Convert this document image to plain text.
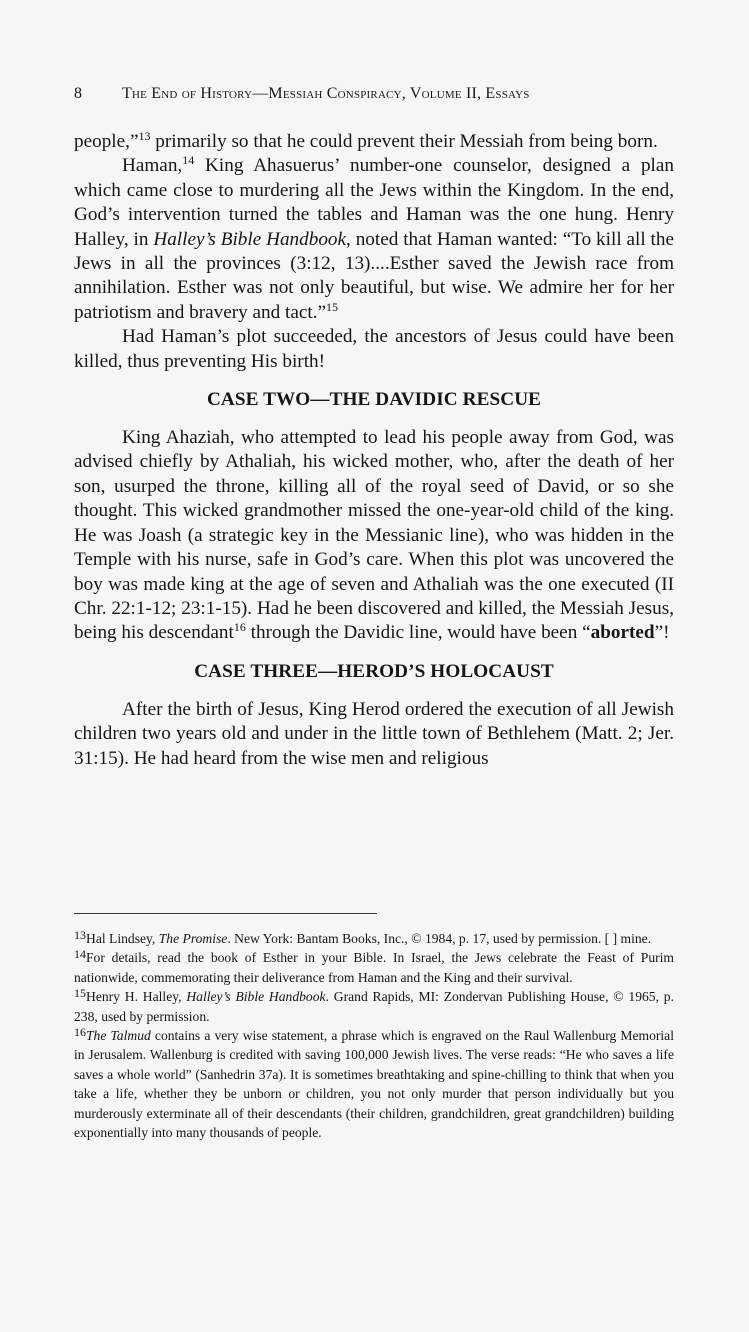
8 The End of History—Messiah Conspiracy, Volume II, Essays

people,”$^{13}$ primarily so that he could prevent their Messiah from being born.

Haman,$^{14}$ King Ahasuerus’ number-one counselor, designed a plan which came close to murdering all the Jews within the Kingdom. In the end, God’s intervention turned the tables and Haman was the one hung. Henry Halley, in Halley’s Bible Handbook, noted that Haman wanted: “To kill all the Jews in all the provinces (3:12, 13)....Esther saved the Jewish race from annihilation. Esther was not only beautiful, but wise. We admire her for her patriotism and bravery and tact.”$^{15}$

Had Haman’s plot succeeded, the ancestors of Jesus could have been killed, thus preventing His birth!

CASE TWO—THE DAVIDIC RESCUE

King Ahaziah, who attempted to lead his people away from God, was advised chiefly by Athaliah, his wicked mother, who, after the death of her son, usurped the throne, killing all of the royal seed of David, or so she thought. This wicked grandmother missed the one-year-old child of the king. He was Joash (a strategic key in the Messianic line), who was hidden in the Temple with his nurse, safe in God’s care. When this plot was uncovered the boy was made king at the age of seven and Athaliah was the one executed (II Chr. 22:1-12; 23:1-15). Had he been discovered and killed, the Messiah Jesus, being his descendant$^{16}$ through the Davidic line, would have been “aborted”!

CASE THREE—HEROD’S HOLOCAUST

After the birth of Jesus, King Herod ordered the execution of all Jewish children two years old and under in the little town of Bethlehem (Matt. 2; Jer. 31:15). He had heard from the wise men and religious

13Hal Lindsey, The Promise. New York: Bantam Books, Inc., © 1984, p. 17, used by permission. [ ] mine.

14For details, read the book of Esther in your Bible. In Israel, the Jews celebrate the Feast of Purim nationwide, commemorating their deliverance from Haman and the King and their survival.

15Henry H. Halley, Halley’s Bible Handbook. Grand Rapids, MI: Zondervan Publishing House, © 1965, p. 238, used by permission.

16The Talmud contains a very wise statement, a phrase which is engraved on the Raul Wallenburg Memorial in Jerusalem. Wallenburg is credited with saving 100,000 Jewish lives. The verse reads: “He who saves a life saves a whole world” (Sanhedrin 37a). It is sometimes breathtaking and spine-chilling to think that when you take a life, whether they be unborn or children, you not only murder that person individually but you murderously exterminate all of their descendants (their children, grandchildren, great grandchildren) building exponentially into many thousands of people.
